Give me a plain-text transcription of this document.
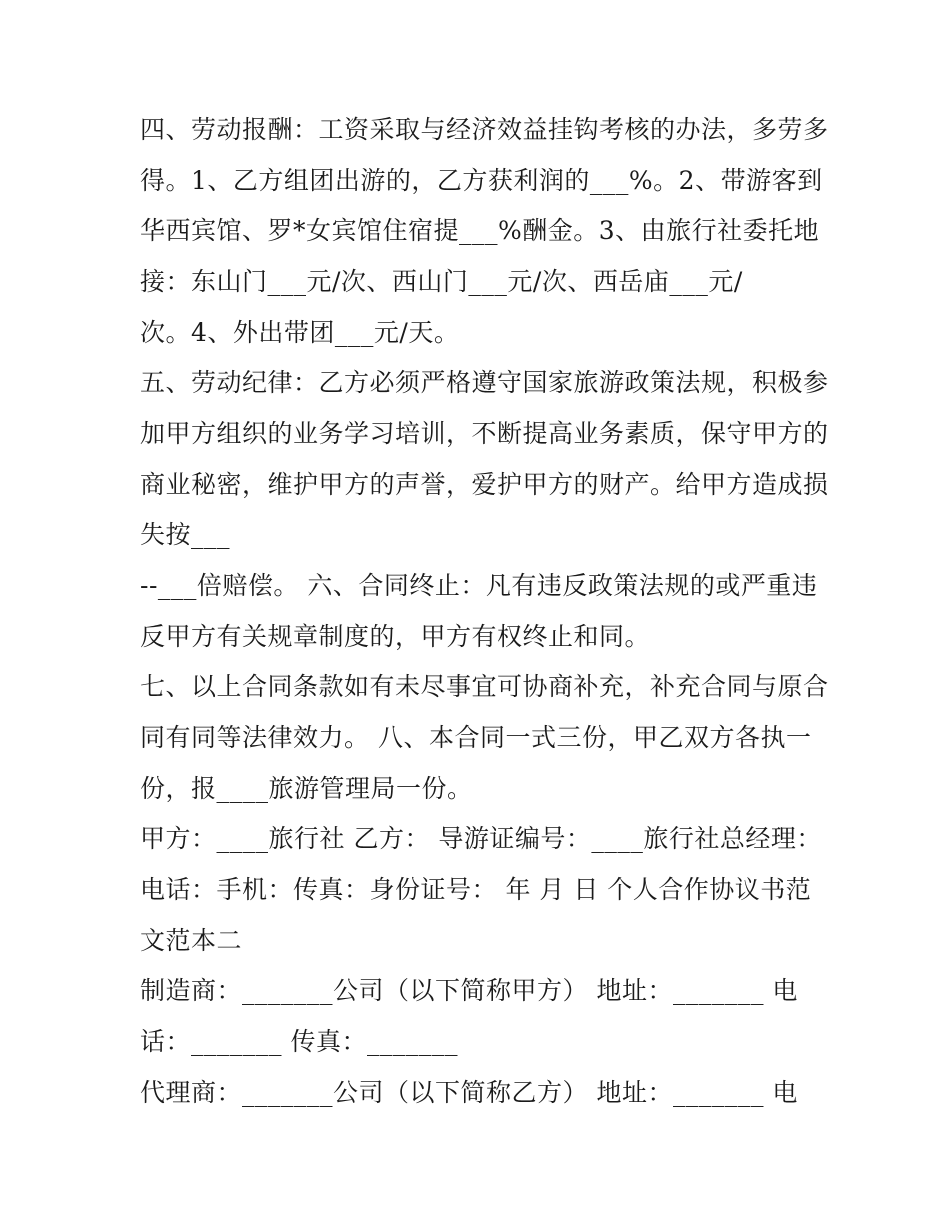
四、劳动报酬：工资采取与经济效益挂钩考核的办法，多劳多
得。1、乙方组团出游的，乙方获利润的___%。2、带游客到
华西宾馆、罗*女宾馆住宿提___%酬金。3、由旅行社委托地
接：东山门___元/次、西山门___元/次、西岳庙___元/
次。4、外出带团___元/天。
五、劳动纪律：乙方必须严格遵守国家旅游政策法规，积极参
加甲方组织的业务学习培训，不断提高业务素质，保守甲方的
商业秘密，维护甲方的声誉，爱护甲方的财产。给甲方造成损
失按___
--___倍赔偿。 六、合同终止：凡有违反政策法规的或严重违
反甲方有关规章制度的，甲方有权终止和同。
七、以上合同条款如有未尽事宜可协商补充，补充合同与原合
同有同等法律效力。 八、本合同一式三份，甲乙双方各执一
份，报____旅游管理局一份。
甲方：____旅行社 乙方： 导游证编号：____旅行社总经理：
电话：手机：传真：身份证号： 年 月 日 个人合作协议书范
文范本二
制造商：_______公司（以下简称甲方） 地址：_______ 电
话：_______ 传真：_______
代理商：_______公司（以下简称乙方） 地址：_______ 电
